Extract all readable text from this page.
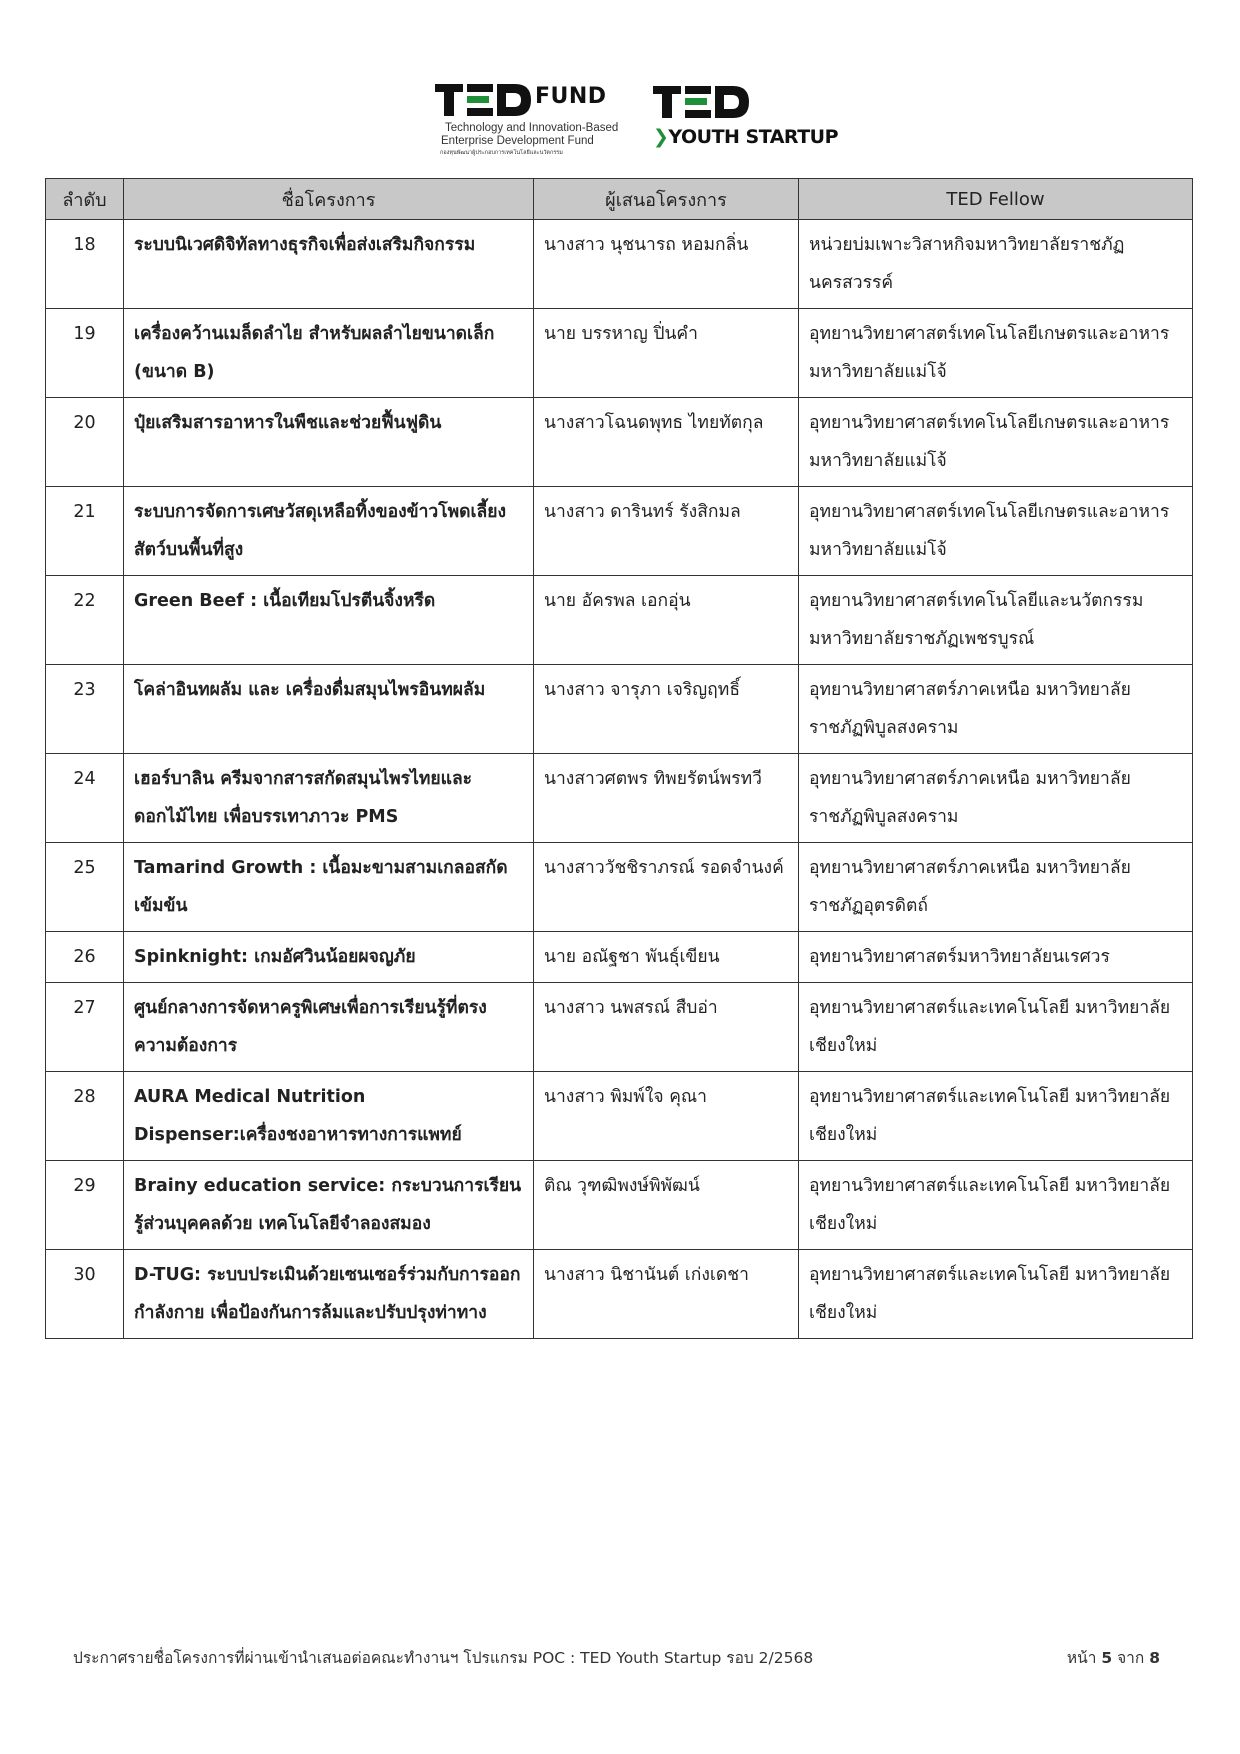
FUND
Technology and Innovation-Based
Enterprise Development Fund
กองทุนพัฒนาผู้ประกอบการเทคโนโลยีและนวัตกรรม
❯YOUTH STARTUP
ลำดับ	ชื่อโครงการ	ผู้เสนอโครงการ	TED Fellow
18	ระบบนิเวศดิจิทัลทางธุรกิจเพื่อส่งเสริมกิจกรรม	นางสาว นุชนารถ หอมกลิ่น	หน่วยบ่มเพาะวิสาหกิจมหาวิทยาลัยราชภัฏนครสวรรค์
19	เครื่องคว้านเมล็ดลำไย สำหรับผลลำไยขนาดเล็ก (ขนาด B)	นาย บรรหาญ ปิ่นคำ	อุทยานวิทยาศาสตร์เทคโนโลยีเกษตรและอาหาร มหาวิทยาลัยแม่โจ้
20	ปุ๋ยเสริมสารอาหารในพืชและช่วยฟื้นฟูดิน	นางสาวโฉนดพุทธ ไทยทัตกุล	อุทยานวิทยาศาสตร์เทคโนโลยีเกษตรและอาหาร มหาวิทยาลัยแม่โจ้
21	ระบบการจัดการเศษวัสดุเหลือทิ้งของข้าวโพดเลี้ยงสัตว์บนพื้นที่สูง	นางสาว ดารินทร์ รังสิกมล	อุทยานวิทยาศาสตร์เทคโนโลยีเกษตรและอาหาร มหาวิทยาลัยแม่โจ้
22	Green Beef : เนื้อเทียมโปรตีนจิ้งหรีด	นาย อัครพล เอกอุ่น	อุทยานวิทยาศาสตร์เทคโนโลยีและนวัตกรรม มหาวิทยาลัยราชภัฏเพชรบูรณ์
23	โคล่าอินทผลัม และ เครื่องดื่มสมุนไพรอินทผลัม	นางสาว จารุภา เจริญฤทธิ์	อุทยานวิทยาศาสตร์ภาคเหนือ มหาวิทยาลัยราชภัฏพิบูลสงคราม
24	เฮอร์บาลิน ครีมจากสารสกัดสมุนไพรไทยและดอกไม้ไทย เพื่อบรรเทาภาวะ PMS	นางสาวศตพร ทิพยรัตน์พรทวี	อุทยานวิทยาศาสตร์ภาคเหนือ มหาวิทยาลัยราชภัฏพิบูลสงคราม
25	Tamarind Growth : เนื้อมะขามสามเกลอสกัดเข้มข้น	นางสาววัชชิราภรณ์ รอดจำนงค์	อุทยานวิทยาศาสตร์ภาคเหนือ มหาวิทยาลัยราชภัฏอุตรดิตถ์
26	Spinknight: เกมอัศวินน้อยผจญภัย	นาย อณัฐชา พันธุ์เขียน	อุทยานวิทยาศาสตร์มหาวิทยาลัยนเรศวร
27	ศูนย์กลางการจัดหาครูพิเศษเพื่อการเรียนรู้ที่ตรงความต้องการ	นางสาว นพสรณ์ สืบอ่า	อุทยานวิทยาศาสตร์และเทคโนโลยี มหาวิทยาลัยเชียงใหม่
28	AURA Medical Nutrition Dispenser:เครื่องชงอาหารทางการแพทย์	นางสาว พิมพ์ใจ คุณา	อุทยานวิทยาศาสตร์และเทคโนโลยี มหาวิทยาลัยเชียงใหม่
29	Brainy education service: กระบวนการเรียนรู้ส่วนบุคคลด้วย เทคโนโลยีจำลองสมอง	ติณ วุฑฒิพงษ์พิพัฒน์	อุทยานวิทยาศาสตร์และเทคโนโลยี มหาวิทยาลัยเชียงใหม่
30	D-TUG: ระบบประเมินด้วยเซนเซอร์ร่วมกับการออกกำลังกาย เพื่อป้องกันการล้มและปรับปรุงท่าทาง	นางสาว นิชานันต์ เก่งเดชา	อุทยานวิทยาศาสตร์และเทคโนโลยี มหาวิทยาลัยเชียงใหม่
ประกาศรายชื่อโครงการที่ผ่านเข้านำเสนอต่อคณะทำงานฯ โปรแกรม POC : TED Youth Startup รอบ 2/2568	หน้า 5 จาก 8
